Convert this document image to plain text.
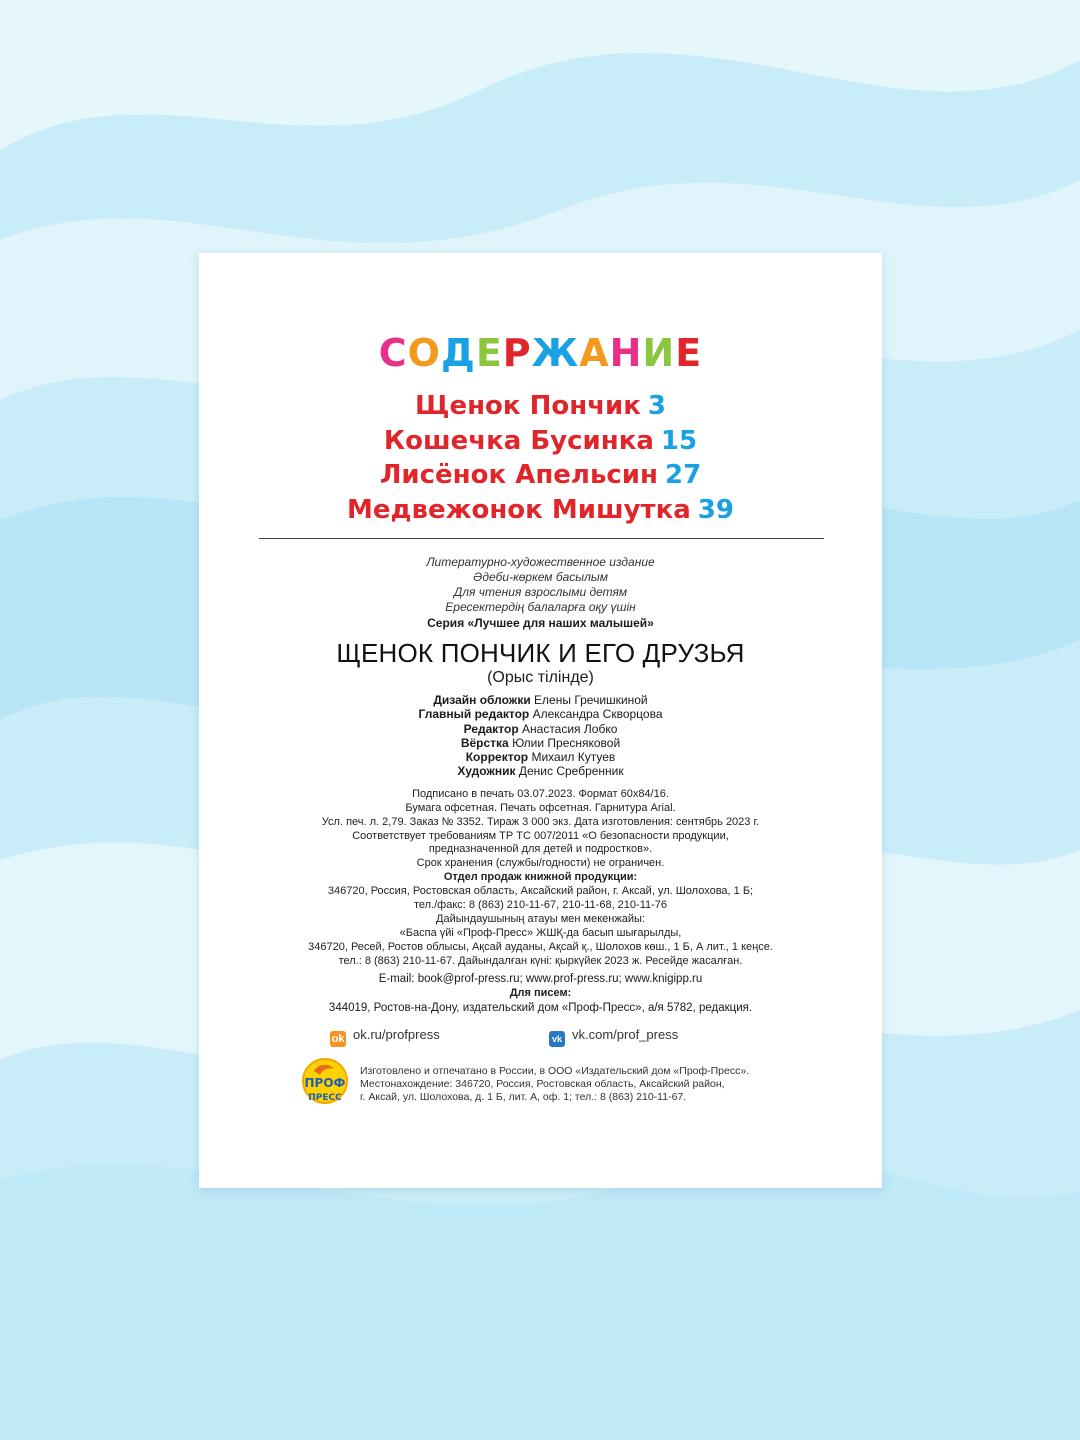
СОДЕРЖАНИЕ
Щенок Пончик 3
Кошечка Бусинка 15
Лисёнок Апельсин 27
Медвежонок Мишутка 39
Литературно-художественное издание
Әдеби-көркем басылым
Для чтения взрослыми детям
Ересектердің балаларға оқу үшін
Серия «Лучшее для наших малышей»
ЩЕНОК ПОНЧИК И ЕГО ДРУЗЬЯ
(Орыс тілінде)
Дизайн обложки Елены Гречишкиной
Главный редактор Александра Скворцова
Редактор Анастасия Лобко
Вёрстка Юлии Пресняковой
Корректор Михаил Кутуев
Художник Денис Сребренник
Подписано в печать 03.07.2023. Формат 60x84/16.
Бумага офсетная. Печать офсетная. Гарнитура Arial.
Усл. печ. л. 2,79. Заказ № 3352. Тираж 3 000 экз. Дата изготовления: сентябрь 2023 г.
Соответствует требованиям ТР ТС 007/2011 «О безопасности продукции,
предназначенной для детей и подростков».
Срок хранения (службы/годности) не ограничен.
Отдел продаж книжной продукции:
346720, Россия, Ростовская область, Аксайский район, г. Аксай, ул. Шолохова, 1 Б;
тел./факс: 8 (863) 210-11-67, 210-11-68, 210-11-76
Дайындаушының атауы мен мекенжайы:
«Баспа үйі «Проф-Пресс» ЖШҚ-да басып шығарылды,
346720, Ресей, Ростов облысы, Ақсай ауданы, Ақсай қ., Шолохов көш., 1 Б, А лит., 1 кеңсе.
тел.: 8 (863) 210-11-67. Дайындалған күні: қыркүйек 2023 ж. Ресейде жасалған.
E-mail: book@prof-press.ru; www.prof-press.ru; www.knigipp.ru
Для писем:
344019, Ростов-на-Дону, издательский дом «Проф-Пресс», а/я 5782, редакция.
ok ok.ru/profpress	vk vk.com/prof_press
ПРОФ
ПРЕСС
Изготовлено и отпечатано в России, в ООО «Издательский дом «Проф-Пресс».
Местонахождение: 346720, Россия, Ростовская область, Аксайский район,
г. Аксай, ул. Шолохова, д. 1 Б, лит. А, оф. 1; тел.: 8 (863) 210-11-67.
